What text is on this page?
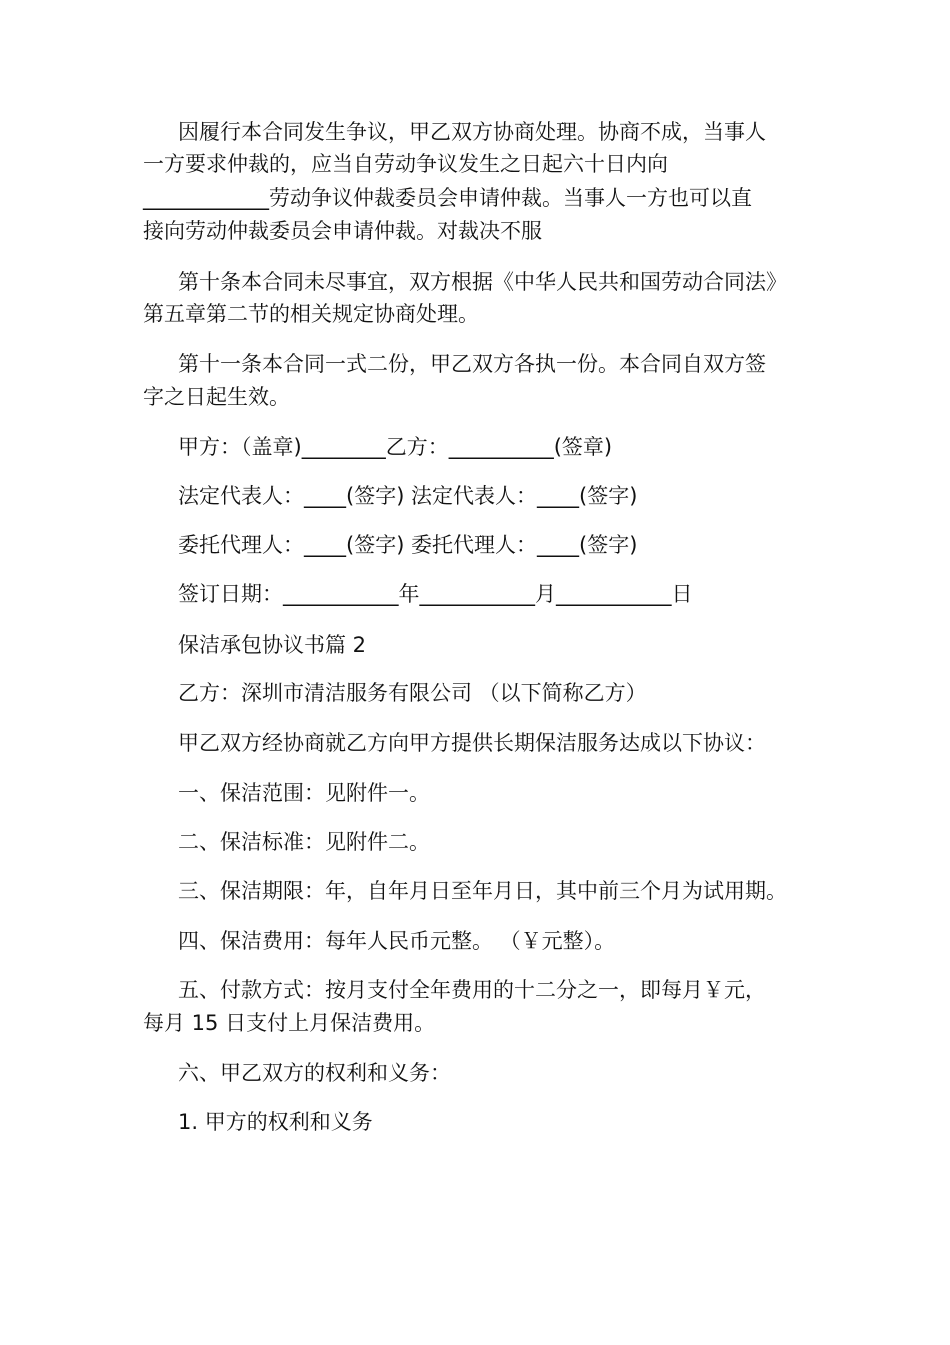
因履行本合同发生争议，甲乙双方协商处理。协商不成，当事人
一方要求仲裁的，应当自劳动争议发生之日起六十日内向
____________劳动争议仲裁委员会申请仲裁。当事人一方也可以直
接向劳动仲裁委员会申请仲裁。对裁决不服
第十条本合同未尽事宜，双方根据《中华人民共和国劳动合同法》
第五章第二节的相关规定协商处理。
第十一条本合同一式二份，甲乙双方各执一份。本合同自双方签
字之日起生效。
甲方：（盖章)________乙方：__________(签章)
法定代表人：____(签字) 法定代表人：____(签字)
委托代理人：____(签字) 委托代理人：____(签字)
签订日期：___________年___________月___________日
保洁承包协议书篇 2
乙方：深圳市清洁服务有限公司 （以下简称乙方）
甲乙双方经协商就乙方向甲方提供长期保洁服务达成以下协议：
一、保洁范围：见附件一。
二、保洁标准：见附件二。
三、保洁期限：年，自年月日至年月日，其中前三个月为试用期。
四、保洁费用：每年人民币元整。 （￥元整）。
五、付款方式：按月支付全年费用的十二分之一，即每月￥元，
每月 15 日支付上月保洁费用。
六、甲乙双方的权利和义务：
1. 甲方的权利和义务
